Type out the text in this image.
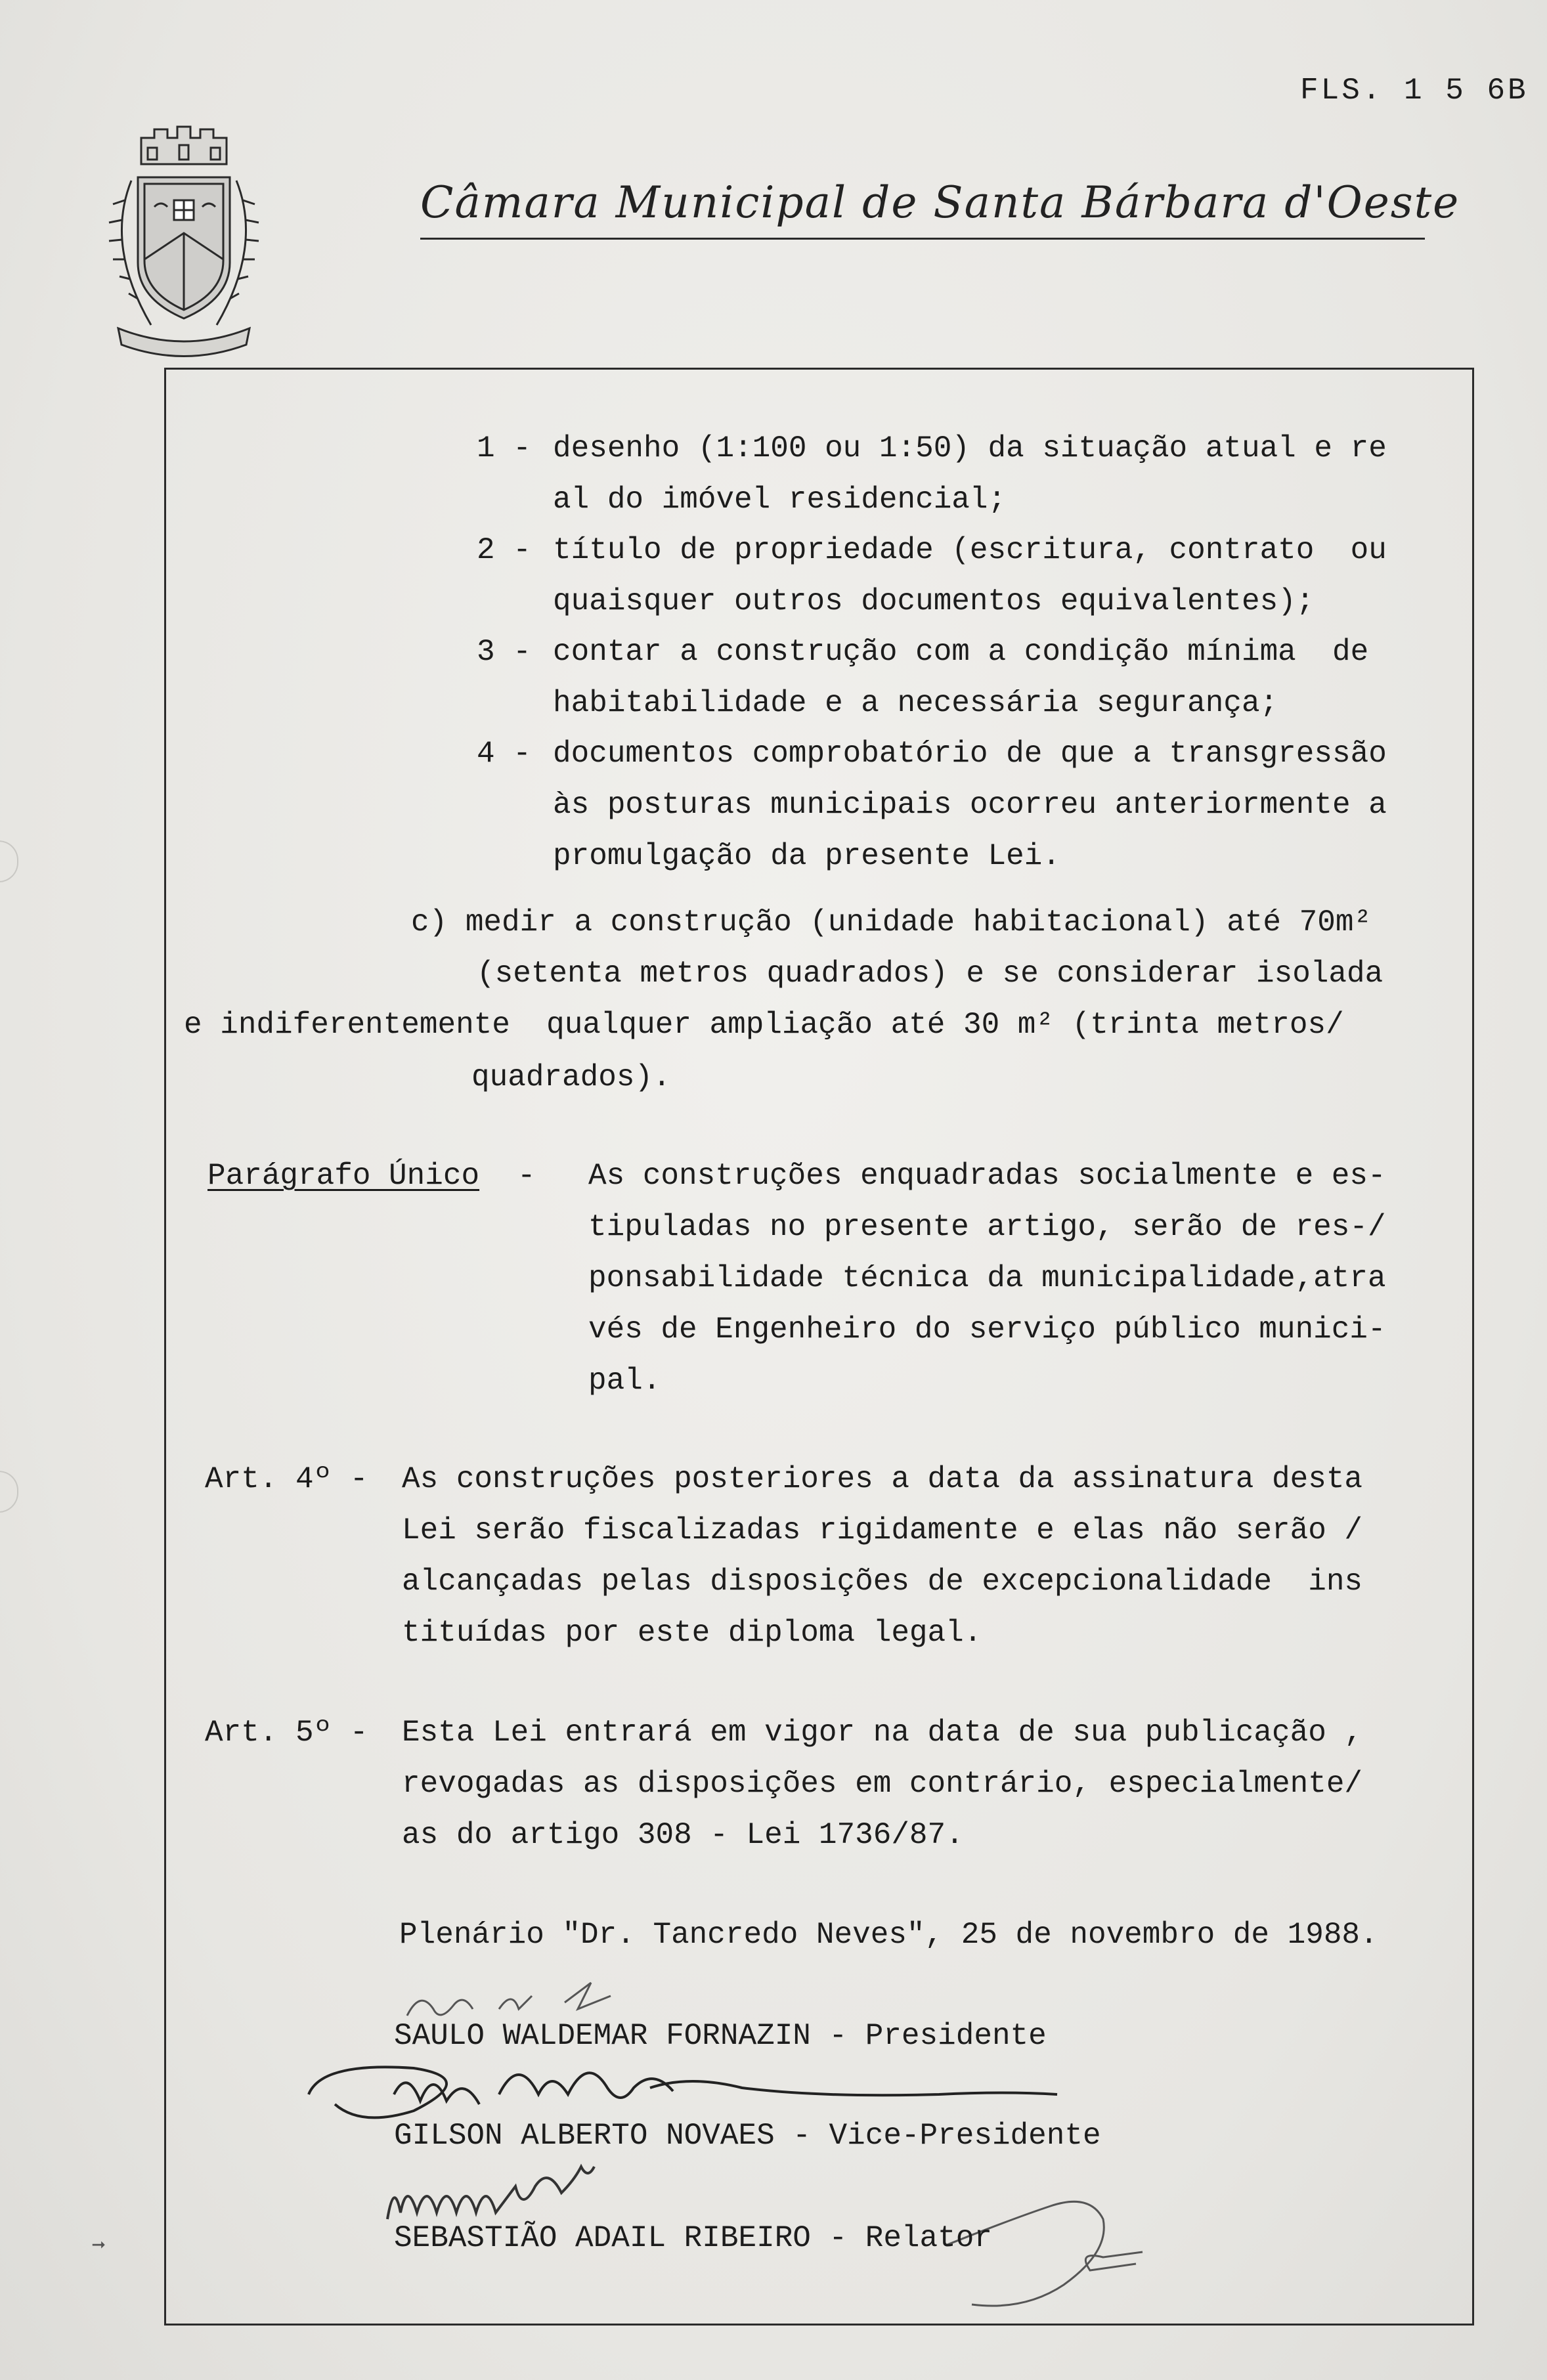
FLS. 1 5 6B
Câmara Municipal de Santa Bárbara d'Oeste
1 - desenho (1:100 ou 1:50) da situação atual e re
al do imóvel residencial;
2 - título de propriedade (escritura, contrato  ou
quaisquer outros documentos equivalentes);
3 - contar a construção com a condição mínima  de
habitabilidade e a necessária segurança;
4 - documentos comprobatório de que a transgressão
às posturas municipais ocorreu anteriormente a
promulgação da presente Lei.
c) medir a construção (unidade habitacional) até 70m²
(setenta metros quadrados) e se considerar isolada
e indiferentemente  qualquer ampliação até 30 m² (trinta metros/
quadrados).
Parágrafo Único - As construções enquadradas socialmente e es-
tipuladas no presente artigo, serão de res-/
ponsabilidade técnica da municipalidade,atra
vés de Engenheiro do serviço público munici-
pal.
Art. 4º - As construções posteriores a data da assinatura desta
Lei serão fiscalizadas rigidamente e elas não serão /
alcançadas pelas disposições de excepcionalidade  ins
tituídas por este diploma legal.
Art. 5º - Esta Lei entrará em vigor na data de sua publicação ,
revogadas as disposições em contrário, especialmente/
as do artigo 308 - Lei 1736/87.
Plenário "Dr. Tancredo Neves", 25 de novembro de 1988.
SAULO WALDEMAR FORNAZIN - Presidente
GILSON ALBERTO NOVAES - Vice-Presidente
SEBASTIÃO ADAIL RIBEIRO - Relator
➞
